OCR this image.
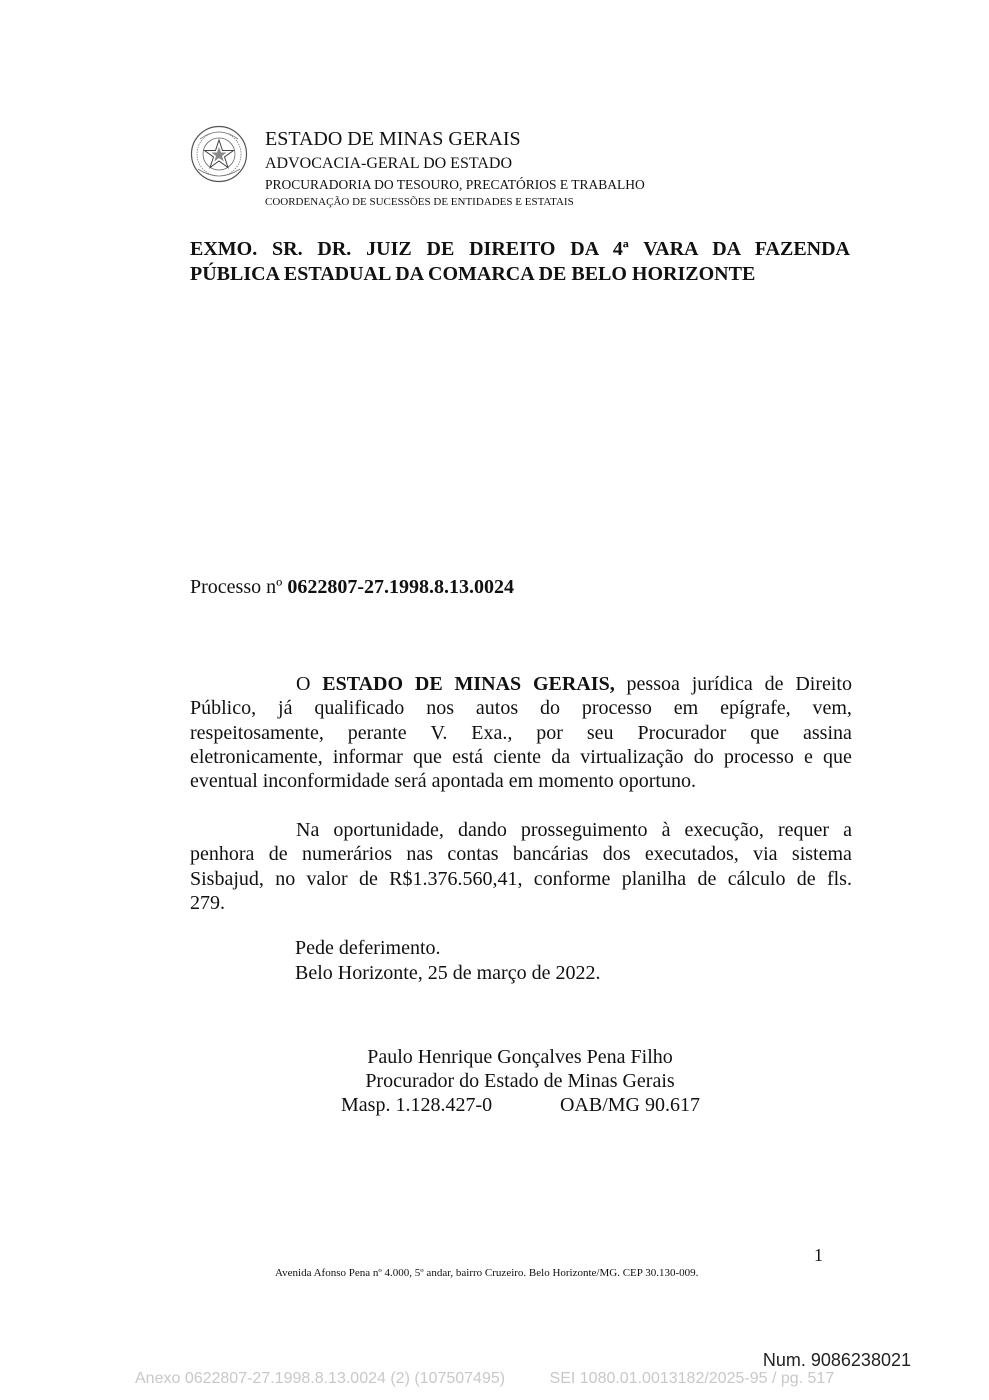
ESTADO DE MINAS GERAIS
ADVOCACIA-GERAL DO ESTADO
PROCURADORIA DO TESOURO, PRECATÓRIOS E TRABALHO
COORDENAÇÃO DE SUCESSÕES DE ENTIDADES E ESTATAIS
EXMO. SR. DR. JUIZ DE DIREITO DA 4ª VARA DA FAZENDA
PÚBLICA ESTADUAL DA COMARCA DE BELO HORIZONTE
Processo nº 0622807-27.1998.8.13.0024
O ESTADO DE MINAS GERAIS, pessoa jurídica de Direito
Público, já qualificado nos autos do processo em epígrafe, vem,
respeitosamente, perante V. Exa., por seu Procurador que assina
eletronicamente, informar que está ciente da virtualização do processo e que
eventual inconformidade será apontada em momento oportuno.
Na oportunidade, dando prosseguimento à execução, requer a
penhora de numerários nas contas bancárias dos executados, via sistema
Sisbajud, no valor de R$1.376.560,41, conforme planilha de cálculo de fls.
279.
Pede deferimento.
Belo Horizonte, 25 de março de 2022.
Paulo Henrique Gonçalves Pena Filho
Procurador do Estado de Minas Gerais
Masp. 1.128.427-0	OAB/MG 90.617
1
Avenida Afonso Pena nº 4.000, 5º andar, bairro Cruzeiro. Belo Horizonte/MG. CEP 30.130-009.
Num. 9086238021
Anexo 0622807-27.1998.8.13.0024 (2) (107507495)	SEI 1080.01.0013182/2025-95 / pg. 517
